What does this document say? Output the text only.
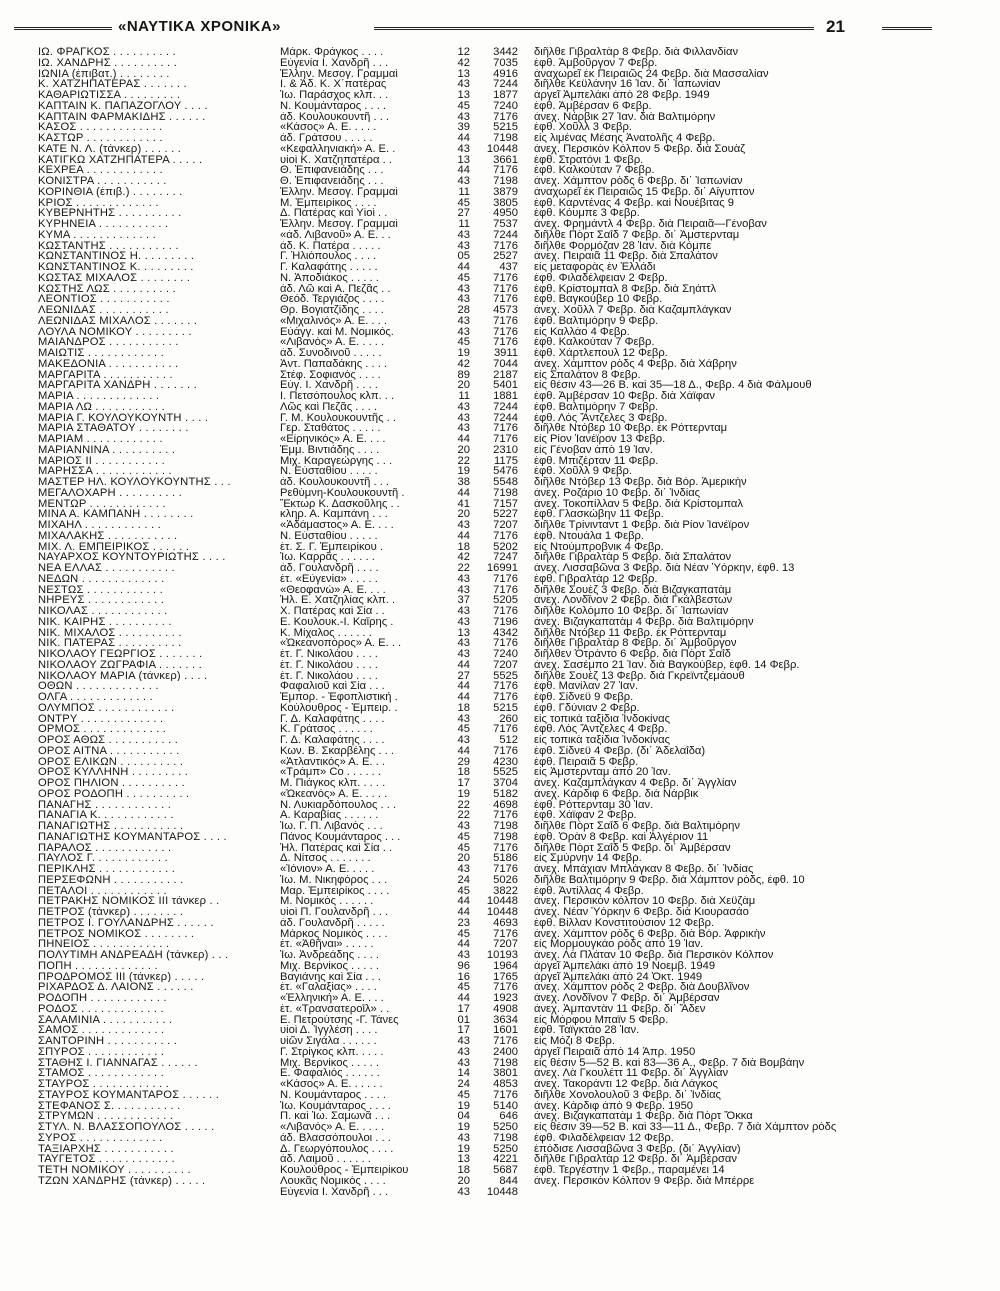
«ΝΑΥΤΙΚΑ ΧΡΟΝΙΚΑ»	21
ΙΩ. ΦΡΑΓΚΟΣ . . . . . . . . . .	Μάρκ. Φράγκος . . . .	12	3442	διῆλθε Γιβραλτὰρ 8 Φεβρ. διὰ Φιλλανδίαν
ΙΩ. ΧΑΝΔΡΗΣ . . . . . . . . . .	Εὐγενία Ι. Χανδρῆ . . .	42	7035	ἐφθ. Ἀμβοῦργον 7 Φεβρ.
ΙΩΝΙΑ (ἐπιβατ.) . . . . . . . .	Ἑλλην. Μεσογ. Γραμμαὶ	13	4916	ἀναχωρεῖ ἐκ Πειραιῶς 24 Φεβρ. διὰ Μασσαλίαν
Κ. ΧΑΤΖΗΠΑΤΕΡΑΣ . . . . . . .	Ι. & Ἀδ. Κ. Χ΄πατέρας	43	7244	διῆλθε Κεϋλάνην 16 Ἰαν. δι΄ Ἰαπωνίαν
ΚΑΘΑΡΙΩΤΙΣΣΑ . . . . . . . . .	Ἰω. Παράσχος κλπ. . .	13	1877	ἀργεῖ Ἀμπελάκι ἀπὸ 28 Φεβρ. 1949
ΚΑΠΤΑΙΝ Κ. ΠΑΠΑΖΟΓΛΟΥ . . . .	Ν. Κουμάνταρος . . . .	45	7240	ἐφθ. Ἀμβέρσαν 6 Φεβρ.
ΚΑΠΤΑΙΝ ΦΑΡΜΑΚΙΔΗΣ . . . . . .	ἀδ. Κουλουκουντῆ . . .	43	7176	ἀνεχ. Νάρβικ 27 Ἰαν. διὰ Βαλτιμόρην
ΚΑΣΟΣ . . . . . . . . . . . . .	«Κάσος» Α. Ε. . . . .	39	5215	ἐφθ. Χοῦλλ 3 Φεβρ.
ΚΑΣΤΩΡ . . . . . . . . . . . .	ἀδ. Γράτσου . . . . .	44	7198	εἰς λιμένας Μέσης Ἀνατολῆς 4 Φεβρ.
ΚΑΤΕ Ν. Λ. (τάνκερ) . . . . . .	«Κεφαλληνιακή» Α. Ε. .	43	10448	ἀνεχ. Περσικὸν Κόλπον 5 Φεβρ. διὰ Σουὰζ
ΚΑΤΙΓΚΩ ΧΑΤΖΗΠΑΤΕΡΑ . . . . .	υἱοὶ Κ. Χατζηπατέρα . .	13	3661	ἐφθ. Στρατόνι 1 Φεβρ.
ΚΕΧΡΕΑ . . . . . . . . . . . .	Θ. Ἐπιφανειάδης . . .	44	7176	ἐφθ. Καλκούταν 7 Φεβρ.
ΚΟΝΙΣΤΡΑ . . . . . . . . . . .	Θ. Ἐπιφανειάδης . . .	43	7198	ἀνεχ. Χάμπτον ρὸδς 6 Φεβρ. δι΄ Ἰαπωνίαν
ΚΟΡΙΝΘΙΑ (ἐπιβ.) . . . . . . . .	Ἑλλην. Μεσογ. Γραμμαὶ	11	3879	ἀναχωρεῖ ἐκ Πειραιῶς 15 Φεβρ. δι΄ Αἴγυπτον
ΚΡΙΟΣ . . . . . . . . . . . . .	Μ. Ἐμπειρίκος . . . .	45	3805	ἐφθ. Καρντένας 4 Φεβρ. καὶ Νουέβιτας 9
ΚΥΒΕΡΝΗΤΗΣ . . . . . . . . . .	Δ. Πατέρας καὶ Υἱοὶ . .	27	4950	ἐφθ. Κόυμπε 3 Φεβρ.
ΚΥΡΗΝΕΙΑ . . . . . . . . . . .	Ἑλλην. Μεσογ. Γραμμαὶ	11	7537	ἀνεχ. Φρημάντλ 4 Φεβρ. διὰ Πειραιᾶ—Γένοβαν
ΚΥΜΑ . . . . . . . . . . . . .	«ἀδ. Λιβανοῦ» Α. Ε. . .	43	7244	διῆλθε Πὸρτ Σαΐδ 7 Φεβρ. δι΄ Ἀμστερνταμ
ΚΩΣΤΑΝΤΗΣ . . . . . . . . . . .	ἀδ. Κ. Πατέρα . . . . .	43	7176	διῆλθε Φορμόζαν 28 Ἰαν. διὰ Κόμπε
ΚΩΝΣΤΑΝΤΙΝΟΣ Η. . . . . . . . .	Γ. Ἡλιόπουλος . . . .	05	2527	ἀνεχ. Πειραιᾶ 11 Φεβρ. διὰ Σπαλάτον
ΚΩΝΣΤΑΝΤΙΝΟΣ Κ. . . . . . . . .	Γ. Καλαφάτης . . . . .	44	437	εἰς μεταφορὰς ἐν Ἑλλάδι
ΚΩΣΤΑΣ ΜΙΧΑΛΟΣ . . . . . . . .	Ν. Ἀποδιάκος . . . . .	45	7176	ἐφθ. Φιλαδέλφειαν 2 Φεβρ.
ΚΩΣΤΗΣ ΛΩΣ . . . . . . . . . .	ἀδ. Λῶ καὶ Α. Πεζᾶς . .	43	7176	ἐφθ. Κρίστομπαλ 8 Φεβρ. διὰ Σηάττλ
ΛΕΟΝΤΙΟΣ . . . . . . . . . . .	Θεόδ. Τεργιάζος . . . .	43	7176	ἐφθ. Βαγκούβερ 10 Φεβρ.
ΛΕΩΝΙΔΑΣ . . . . . . . . . . .	Θρ. Βογιατζίδης . . . .	28	4573	ἀνεχ. Χοῦλλ 7 Φεβρ. διὰ Καζαμπλάγκαν
ΛΕΩΝΙΔΑΣ ΜΙΧΑΛΟΣ . . . . . . .	«Μιχαλινός» Α. Ε. . . .	43	7176	ἐφθ. Βαλτιμόρην 9 Φεβρ.
ΛΟΥΛΑ ΝΟΜΙΚΟΥ . . . . . . . . .	Εὐάγγ. καὶ Μ. Νομικός.	43	7176	εἰς Καλλάο 4 Φεβρ.
ΜΑΙΑΝΔΡΟΣ . . . . . . . . . . .	«Λιβανός» Α. Ε. . . . .	45	7176	ἐφθ. Καλκούταν 7 Φεβρ.
ΜΑΙΩΤΙΣ . . . . . . . . . . . .	ἀδ. Συνοδινοῦ . . . . .	19	3911	ἐφθ. Χάρτλεπουλ 12 Φεβρ.
ΜΑΚΕΔΟΝΙΑ . . . . . . . . . . .	Ἀντ. Παπαδάκης . . . .	42	7044	ἀνεχ. Χάμπτον ρὸδς 4 Φεβρ. διὰ Χάβρην
ΜΑΡΓΑΡΙΤΑ . . . . . . . . . . .	Στέφ. Σοφιανὸς . . . .	89	2187	εἰς Σπαλάτον 8 Φεβρ.
ΜΑΡΓΑΡΙΤΑ ΧΑΝΔΡΗ . . . . . . .	Εὐγ. Ι. Χανδρῆ . . . .	20	5401	εἰς θέσιν 43—26 Β. καὶ 35—18 Δ., Φεβρ. 4 διὰ Φάλμουθ
ΜΑΡΙΑ . . . . . . . . . . . . .	Ι. Πετσόπουλος κλπ. . .	11	1881	ἐφθ. Ἀμβέρσαν 10 Φεβρ. διὰ Χάϊφαν
ΜΑΡΙΑ ΛΩ . . . . . . . . . . .	Λῶς καὶ Πεζᾶς . . . .	43	7244	ἐφθ. Βαλτιμόρην 7 Φεβρ.
ΜΑΡΙΑ Γ. ΚΟΥΛΟΥΚΟΥΝΤΗ . . . .	Γ. Μ. Κουλουκουντῆς . .	43	7244	ἐφθ. Λὸς Ἄντζελες 3 Φεβρ.
ΜΑΡΙΑ ΣΤΑΘΑΤΟΥ . . . . . . . .	Γερ. Σταθάτος . . . . .	43	7176	διῆλθε Ντόβερ 10 Φεβρ. ἐκ Ρόττερνταμ
ΜΑΡΙΑΜ . . . . . . . . . . . .	«Εἰρηνικός» Α. Ε. . . .	44	7176	εἰς Ρίον Ἰανέϊρον 13 Φεβρ.
ΜΑΡΙΑΝΝΙΝΑ . . . . . . . . . .	Ἐμμ. Βιντιάδης . . . .	20	2310	εἰς Γένοβαν ἀπὸ 19 Ἰαν.
ΜΑΡΙΟΣ ΙΙ . . . . . . . . . . .	Μιχ. Καραγεώργης . . .	22	1175	ἐφθ. Μπιζέρταν 11 Φεβρ.
ΜΑΡΗΣΣΑ . . . . . . . . . . . .	Ν. Εὐσταθίου . . . . .	19	5476	ἐφθ. Χοῦλλ 9 Φεβρ.
ΜΑΣΤΕΡ ΗΛ. ΚΟΥΛΟΥΚΟΥΝΤΗΣ . . .	ἀδ. Κουλουκουντῆ . . .	38	5548	διῆλθε Ντόβερ 13 Φεβρ. διὰ Βόρ. Ἀμερικὴν
ΜΕΓΑΛΟΧΑΡΗ . . . . . . . . . .	Ρεθύμνη-Κουλουκουντῆ .	44	7198	ἀνεχ. Ροζάριο 10 Φεβρ. δι΄ Ἰνδίας
ΜΕΝΤΩΡ . . . . . . . . . . . .	Ἕκτωρ Κ. Δασκοῦλης . .	41	7157	ἀνεχ. Τοκοπίλλαν 5 Φεβρ. διὰ Κρίστομπαλ
ΜΙΝΑ Α. ΚΑΜΠΑΝΗ . . . . . . . .	κληρ. Α. Καμπάνη . . .	20	5227	ἐφθ. Γλασκώβην 11 Φεβρ.
ΜΙΧΑΗΛ . . . . . . . . . . . .	«Ἀδάμαστος» Α. Ε. . . .	43	7207	διῆλθε Τρίνινταντ 1 Φεβρ. διὰ Ρίον Ἰανέϊρον
ΜΙΧΑΛΑΚΗΣ . . . . . . . . . . .	Ν. Εὐσταθίου . . . . .	44	7176	ἐφθ. Ντουάλα 1 Φεβρ.
ΜΙΧ. Λ. ΕΜΠΕΙΡΙΚΟΣ . . . . . .	ἐτ. Σ. Γ. Ἐμπειρίκου .	18	5202	εἰς Ντούμπροβνικ 4 Φεβρ.
ΝΑΥΑΡΧΟΣ ΚΟΥΝΤΟΥΡΙΩΤΗΣ . . . .	Ἰω. Καρρᾶς . . . . . .	42	7247	διῆλθε Γιβραλτὰρ 5 Φεβρ. διὰ Σπαλάτον
ΝΕΑ ΕΛΛΑΣ . . . . . . . . . . .	ἀδ. Γουλανδρῆ . . . .	22	16991	ἀνεχ. Λισσαβῶνα 3 Φεβρ. διὰ Νέαν Ὑόρκην, ἐφθ. 13
ΝΕΔΩΝ . . . . . . . . . . . . .	ἐτ. «Εὐγενία» . . . . .	43	7176	ἐφθ. Γιβραλτὰρ 12 Φεβρ.
ΝΕΣΤΩΣ . . . . . . . . . . . .	«Θεοφανώ» Α. Ε. . . .	43	7176	διῆλθε Σουὲζ 3 Φεβρ. διὰ Βιζαγκαπατὰμ
ΝΗΡΕΥΣ . . . . . . . . . . . .	Ἡλ. Ε. Χατζηλίας κλπ. .	37	5205	ἀνεχ. Λονδῖνον 2 Φεβρ. διὰ Γκάλβεστων
ΝΙΚΟΛΑΣ . . . . . . . . . . . .	Χ. Πατέρας καὶ Σία . .	43	7176	διῆλθε Κολόμπο 10 Φεβρ. δι΄ Ἰαπωνίαν
ΝΙΚ. ΚΑΙΡΗΣ . . . . . . . . . .	Ε. Κουλουκ.-Ι. Καΐρης .	43	7196	ἀνεχ. Βιζαγκαπατὰμ 4 Φεβρ. διὰ Βαλτιμόρην
ΝΙΚ. ΜΙΧΑΛΟΣ . . . . . . . . . .	Κ. Μίχαλος . . . . . .	13	4342	διῆλθε Ντόβερ 11 Φεβρ. ἐκ Ρόττερνταμ
ΝΙΚ. ΠΑΤΕΡΑΣ . . . . . . . . . .	«Ὠκεανοπόρος» Α. Ε. . .	43	7176	διῆλθε Γιβραλτὰρ 8 Φεβρ. δι΄ Ἀμβοῦργον
ΝΙΚΟΛΑΟΥ ΓΕΩΡΓΙΟΣ . . . . . . .	ἐτ. Γ. Νικολάου . . . .	43	7240	διῆλθεν Ὀτράντο 6 Φεβρ. διὰ Πὸρτ Σαΐδ
ΝΙΚΟΛΑΟΥ ΖΩΓΡΑΦΙΑ . . . . . . .	ἐτ. Γ. Νικολάου . . . .	44	7207	ἀνεχ. Σασέμπο 21 Ἰαν. διὰ Βαγκούβερ, ἐφθ. 14 Φεβρ.
ΝΙΚΟΛΑΟΥ ΜΑΡΙΑ (τάνκερ) . . . .	ἐτ. Γ. Νικολάου . . . .	27	5525	διῆλθε Σουὲζ 13 Φεβρ. διὰ Γκρεϊντζεμάουθ
ΟΘΩΝ . . . . . . . . . . . . .	Φαφαλιοῦ καὶ Σία . . .	44	7176	ἐφθ. Μανίλαν 27 Ἰαν.
ΟΛΓΑ . . . . . . . . . . . . .	Ἐμπορ. - Ἐφοπλιστική .	44	7176	ἐφθ. Σίδνεϋ 9 Φεβρ.
ΟΛΥΜΠΟΣ . . . . . . . . . . . .	Κούλουθρος - Ἐμπειρ. .	18	5215	ἐφθ. Γδύνιαν 2 Φεβρ.
ΟΝΤΡΥ . . . . . . . . . . . . .	Γ. Δ. Καλαφάτης . . . .	43	260	εἰς τοπικὰ ταξίδια Ἰνδοκίνας
ΟΡΜΟΣ . . . . . . . . . . . . .	Κ. Γράτσος . . . . . .	45	7176	ἐφθ. Λὸς Ἄντζελες 4 Φεβρ.
ΟΡΟΣ ΑΘΩΣ . . . . . . . . . . .	Γ. Δ. Καλαφάτης . . . .	43	512	εἰς τοπικὰ ταξίδια Ἰνδοκίνας
ΟΡΟΣ ΑΙΤΝΑ . . . . . . . . . . .	Κων. Β. Σκαρβέλης . . .	44	7176	ἐφθ. Σίδνεϋ 4 Φεβρ. (δι΄ Ἀδελαΐδα)
ΟΡΟΣ ΕΛΙΚΩΝ . . . . . . . . . .	«Ἀτλαντικός» Α. Ε. . .	29	4230	ἐφθ. Πειραιᾶ 5 Φεβρ.
ΟΡΟΣ ΚΥΛΛΗΝΗ . . . . . . . . .	«Τράμπ» Co . . . . . .	18	5525	εἰς Ἀμστερνταμ ἀπὸ 20 Ἰαν.
ΟΡΟΣ ΠΗΛΙΟΝ . . . . . . . . . .	Μ. Πιάγκος κλπ. . . . .	17	3704	ἀνεχ. Καζαμπλάγκαν 4 Φεβρ. δι΄ Ἀγγλίαν
ΟΡΟΣ ΡΟΔΟΠΗ . . . . . . . . . .	«Ὠκεανός» Α. Ε. . . . .	19	5182	ἀνεχ. Κάρδιφ 6 Φεβρ. διὰ Νάρβικ
ΠΑΝΑΓΗΣ . . . . . . . . . . . .	Ν. Λυκιαρδόπουλος . . .	22	4698	ἐφθ. Ρόττερνταμ 30 Ἰαν.
ΠΑΝΑΓΙΑ Κ. . . . . . . . . . . .	Α. Καραβίας . . . . . .	22	7176	ἐφθ. Χάϊφαν 2 Φεβρ.
ΠΑΝΑΓΙΩΤΗΣ . . . . . . . . . . .	Ἰω. Γ. Π. Λιβανός . . .	43	7198	διῆλθε Πὸρτ Σαΐδ 6 Φεβρ. διὰ Βαλτιμόρην
ΠΑΝΑΓΙΩΤΗΣ ΚΟΥΜΑΝΤΑΡΟΣ . . . .	Πάνος Κουμάνταρος . . .	45	7198	ἐφθ. Ὀρὰν 8 Φεβρ. καὶ Ἀλγέριον 11
ΠΑΡΑΛΟΣ . . . . . . . . . . . .	Ἡλ. Πατέρας καὶ Σία . .	45	7176	διῆλθε Πὸρτ Σαΐδ 5 Φεβρ. δι΄ Ἀμβέρσαν
ΠΑΥΛΟΣ Γ. . . . . . . . . . . .	Δ. Νίτσος . . . . . . .	20	5186	εἰς Σμύρνην 14 Φεβρ.
ΠΕΡΙΚΛΗΣ . . . . . . . . . . . .	«Ἰόνιον» Α. Ε. . . . .	43	7176	ἀνεχ. Μπάχιαν Μπλάγκαν 8 Φεβρ. δι΄ Ἰνδίας
ΠΕΡΣΕΦΩΝΗ . . . . . . . . . . .	Ἰω. Μ. Νικηφόρος . . .	24	5026	διῆλθε Βαλτιμόρην 9 Φεβρ. διὰ Χάμπτον ρὸδς, ἐφθ. 10
ΠΕΤΑΛΟΙ . . . . . . . . . . . .	Μαρ. Ἐμπειρίκος . . . .	45	3822	ἐφθ. Ἀντίλλας 4 Φεβρ.
ΠΕΤΡΑΚΗΣ ΝΟΜΙΚΟΣ ΙΙΙ τάνκερ . .	Μ. Νομικὸς . . . . . .	44	10448	ἀνεχ. Περσικὸν κόλπον 10 Φεβρ. διὰ Χεϋζὰμ
ΠΕΤΡΟΣ (τάνκερ) . . . . . . . .	υἱοὶ Π. Γουλανδρῆ . . .	44	10448	ἀνεχ. Νέαν Ὑόρκην 6 Φεβρ. διὰ Κιουρασάο
ΠΕΤΡΟΣ Ι. ΓΟΥΛΑΝΔΡΗΣ . . . . . .	ἀδ. Γουλανδρῆ . . . . .	23	4693	ἐφθ. Βίλλαν Κονστιτούσιον 12 Φεβρ.
ΠΕΤΡΟΣ ΝΟΜΙΚΟΣ . . . . . . . .	Μάρκος Νομικὸς . . . .	45	7176	ἀνεχ. Χάμπτον ρὸδς 6 Φεβρ. διὰ Βόρ. Ἀφρικὴν
ΠΗΝΕΙΟΣ . . . . . . . . . . . .	ἐτ. «Ἀθῆναι» . . . . .	44	7207	εἰς Μορμουγκάο ρὸδς ἀπὸ 19 Ἰαν.
ΠΟΛΥΤΙΜΗ ΑΝΔΡΕΑΔΗ (τάνκερ) . . .	Ἰω. Ἀνδρεάδης . . . .	43	10193	ἀνεχ. Λὰ Πλάταν 10 Φεβρ. διὰ Περσικὸν Κόλπον
ΠΟΠΗ . . . . . . . . . . . . .	Μιχ. Βερνίκος . . . . .	96	1964	ἀργεῖ Ἀμπελάκι ἀπὸ 19 Νοεμβ. 1949
ΠΡΟΔΡΟΜΟΣ ΙΙΙ (τάνκερ) . . . . .	Βαγιάνης καὶ Σία . . .	16	1765	ἀργεῖ Ἀμπελάκι ἀπὸ 24 Ὀκτ. 1949
ΡΙΧΑΡΔΟΣ Δ. ΛΑΙΟΝΣ . . . . . .	ἐτ. «Γαλαξίας» . . . .	45	7176	ἀνεχ. Χάμπτον ρὸδς 2 Φεβρ. διὰ Δουβλῖνον
ΡΟΔΟΠΗ . . . . . . . . . . . .	«Ἑλληνική» Α. Ε. . . .	44	1923	ἀνεχ. Λονδῖνον 7 Φεβρ. δι΄ Ἀμβέρσαν
ΡΟΔΟΣ . . . . . . . . . . . . .	ἐτ. «Τρανσατεροΐλ» . .	17	4908	ἀνεχ. Ἀμπαντὰν 11 Φεβρ. δι΄ Ἄδεν
ΣΑΛΑΜΙΝΙΑ . . . . . . . . . . .	Ε. Πετρούτσης -Γ. Τάνες	01	3634	εἰς Μόρφου Μπαϊν 5 Φεβρ.
ΣΑΜΟΣ . . . . . . . . . . . . .	υἱοὶ Δ. Ἰγγλέση . . . .	17	1601	ἐφθ. Ταϊγκτάο 28 Ἰαν.
ΣΑΝΤΟΡΙΝΗ . . . . . . . . . . .	υἱῶν Σιγάλα . . . . . .	43	7176	εἰς Μόζι 8 Φεβρ.
ΣΠΥΡΟΣ . . . . . . . . . . . .	Γ. Στρίγκος κλπ. . . . .	43	2400	ἀργεῖ Πειραιᾶ ἀπὸ 14 Ἀπρ. 1950
ΣΤΑΘΗΣ Ι. ΓΙΑΝΝΑΓΑΣ . . . . . .	Μιχ. Βερνίκος . . . . .	43	7198	εἰς θέσιν 5—52 Β. καὶ 83—36 Α., Φεβρ. 7 διὰ Βομβάην
ΣΤΑΜΟΣ . . . . . . . . . . . .	Ε. Φαφαλιός . . . . . .	14	3801	ἀνεχ. Λὰ Γκουλέττ 11 Φεβρ. δι΄ Ἀγγλίαν
ΣΤΑΥΡΟΣ . . . . . . . . . . . .	«Κάσος» Α. Ε. . . . . .	24	4853	ἀνεχ. Τακοράντι 12 Φεβρ. διὰ Λάγκος
ΣΤΑΥΡΟΣ ΚΟΥΜΑΝΤΑΡΟΣ . . . . . .	Ν. Κουμάνταρος . . . .	45	7176	διῆλθε Χονολουλοῦ 3 Φεβρ. δι΄ Ἰνδίας
ΣΤΕΦΑΝΟΣ Σ. . . . . . . . . . .	Ἰω. Κουμάνταρος . . . .	19	5140	ἀνεχ. Κάρδιφ ἀπὸ 9 Φεβρ. 1950
ΣΤΡΥΜΩΝ . . . . . . . . . . . .	Π. καὶ Ἰω. Σαμωνᾶ . . .	04	646	ἀνεχ. Βιζαγκαπατὰμ 1 Φεβρ. διὰ Πὸρτ Ὄκκα
ΣΤΥΛ. Ν. ΒΛΑΣΣΟΠΟΥΛΟΣ . . . . .	«Λιβανός» Α. Ε. . . . .	19	5250	εἰς θέσιν 39—52 Β. καὶ 33—11 Δ., Φεβρ. 7 διὰ Χάμπτον ρὸδς
ΣΥΡΟΣ . . . . . . . . . . . . .	ἀδ. Βλασσόπουλοι . . .	43	7198	ἐφθ. Φιλαδέλφειαν 12 Φεβρ.
ΤΑΞΙΑΡΧΗΣ . . . . . . . . . . .	Δ. Γεωργόπουλος . . . .	19	5250	ἐπόδισε Λισσαβῶνα 3 Φεβρ. (δι΄ Ἀγγλίαν)
ΤΑΫΓΕΤΟΣ . . . . . . . . . . . .	ἀδ. Λαιμοῦ . . . . . .	13	4221	διῆλθε Γιβραλτὰρ 12 Φεβρ. δι΄ Ἀμβέρσαν
ΤΕΤΗ ΝΟΜΙΚΟΥ . . . . . . . . . .	Κουλούθρος - Ἐμπειρίκου	18	5687	ἐφθ. Τεργέστην 1 Φεβρ., παραμένει 14
ΤΖΩΝ ΧΑΝΔΡΗΣ (τάνκερ) . . . . .	Λουκᾶς Νομικὸς . . . .	20	844	ἀνεχ. Περσικὸν Κόλπον 9 Φεβρ. διὰ Μπέρρε
Εὐγενία Ι. Χανδρῆ . . .	43	10448
